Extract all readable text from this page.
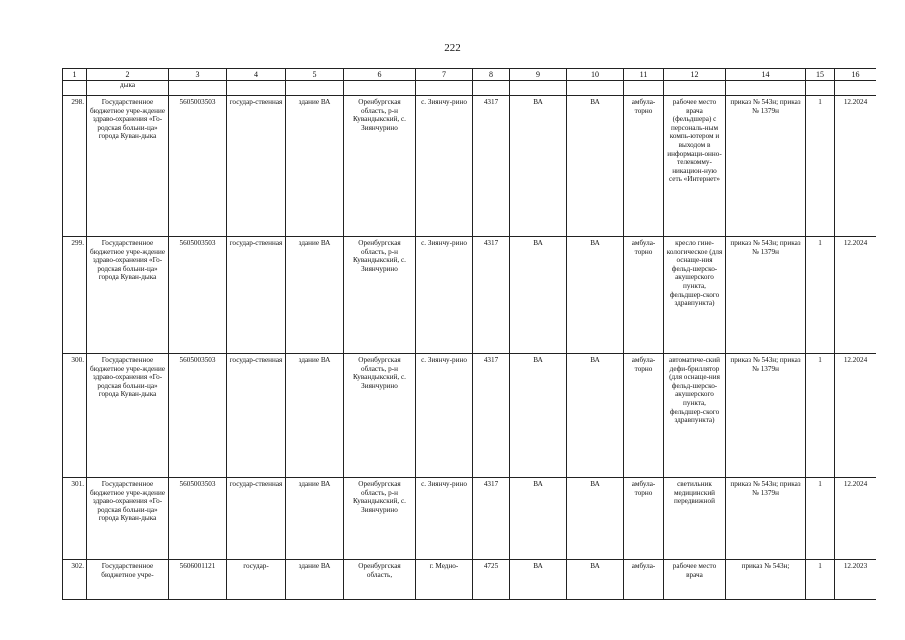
222
1	2	3	4	5	6	7	8	9	10	11	12	14	15	16
	дыка													
298.	Государственное бюджетное учре-ждение здраво-охранения «Го-родская больни-ца» города Куван-дыка	5605003503	государ-ственная	здание ВА	Оренбургская область, р-н Кувандыкский, с. Зиянчурино	с. Зиянчу-рино	4317	ВА	ВА	амбула-торно	рабочее место врача (фельдшера) с персональ-ным компь-ютером и выходом в информаци-онно-телекомму-никацион-ную сеть «Интернет»	приказ № 543н; приказ № 1379н	1	12.2024
299.	Государственное бюджетное учре-ждение здраво-охранения «Го-родская больни-ца» города Куван-дыка	5605003503	государ-ственная	здание ВА	Оренбургская область, р-н Кувандыкский, с. Зиянчурино	с. Зиянчу-рино	4317	ВА	ВА	амбула-торно	кресло гине-кологическое (для оснаще-ния фельд-шерско-акушерского пункта, фельдшер-ского здравпункта)	приказ № 543н; приказ № 1379н	1	12.2024
300.	Государственное бюджетное учре-ждение здраво-охранения «Го-родская больни-ца» города Куван-дыка	5605003503	государ-ственная	здание ВА	Оренбургская область, р-н Кувандыкский, с. Зиянчурино	с. Зиянчу-рино	4317	ВА	ВА	амбула-торно	автоматиче-ский дефи-бриллятор (для оснаще-ния фельд-шерско-акушерского пункта, фельдшер-ского здравпункта)	приказ № 543н; приказ № 1379н	1	12.2024
301.	Государственное бюджетное учре-ждение здраво-охранения «Го-родская больни-ца» города Куван-дыка	5605003503	государ-ственная	здание ВА	Оренбургская область, р-н Кувандыкский, с. Зиянчурино	с. Зиянчу-рино	4317	ВА	ВА	амбула-торно	светильник медицинский передвижной	приказ № 543н; приказ № 1379н	1	12.2024
302.	Государственное бюджетное учре-	5606001121	государ-	здание ВА	Оренбургская область,	г. Медно-	4725	ВА	ВА	амбула-	рабочее место врача	приказ № 543н;	1	12.2023
